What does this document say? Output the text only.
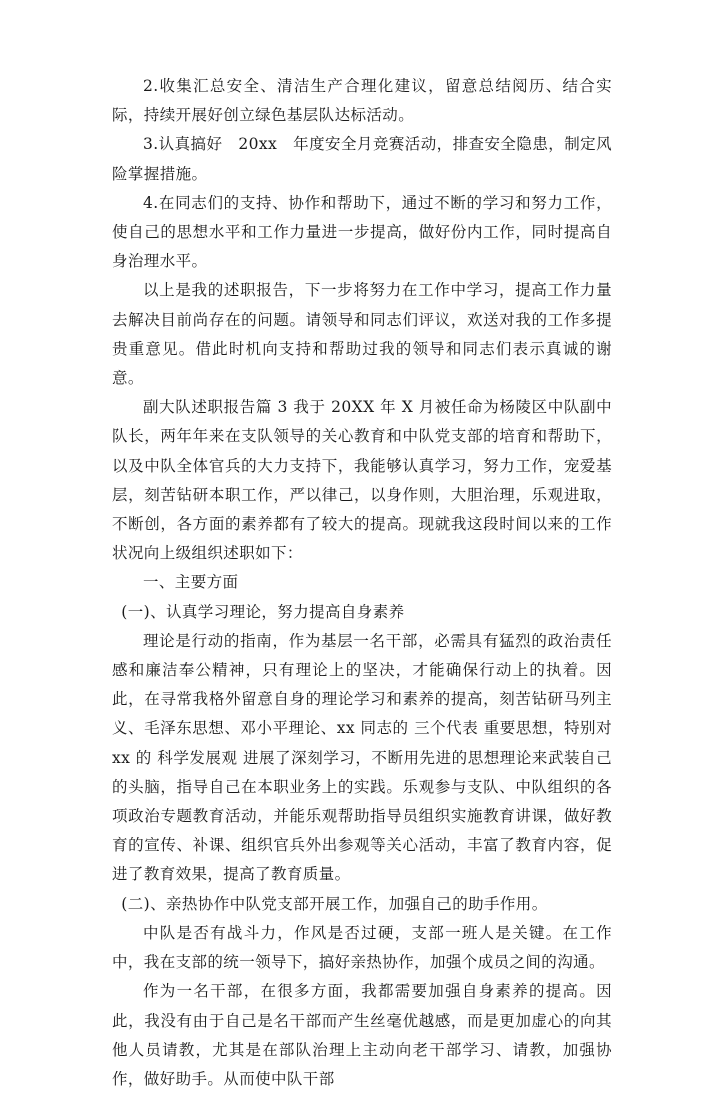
2.收集汇总安全、清洁生产合理化建议，留意总结阅历、结合实际，持续开展好创立绿色基层队达标活动。

3.认真搞好　20xx　年度安全月竞赛活动，排查安全隐患，制定风险掌握措施。

4.在同志们的支持、协作和帮助下，通过不断的学习和努力工作，使自己的思想水平和工作力量进一步提高，做好份内工作，同时提高自身治理水平。

以上是我的述职报告，下一步将努力在工作中学习，提高工作力量去解决目前尚存在的问题。请领导和同志们评议，欢送对我的工作多提贵重意见。借此时机向支持和帮助过我的领导和同志们表示真诚的谢意。

副大队述职报告篇 3 我于 20XX 年 X 月被任命为杨陵区中队副中队长，两年年来在支队领导的关心教育和中队党支部的培育和帮助下，以及中队全体官兵的大力支持下，我能够认真学习，努力工作，宠爱基层，刻苦钻研本职工作，严以律己，以身作则，大胆治理，乐观进取，不断创，各方面的素养都有了较大的提高。现就我这段时间以来的工作状况向上级组织述职如下：

一、主要方面

(一)、认真学习理论，努力提高自身素养

理论是行动的指南，作为基层一名干部，必需具有猛烈的政治责任感和廉洁奉公精神，只有理论上的坚决，才能确保行动上的执着。因此，在寻常我格外留意自身的理论学习和素养的提高，刻苦钻研马列主义、毛泽东思想、邓小平理论、xx 同志的 三个代表 重要思想，特别对 xx 的 科学发展观 进展了深刻学习，不断用先进的思想理论来武装自己的头脑，指导自己在本职业务上的实践。乐观参与支队、中队组织的各项政治专题教育活动，并能乐观帮助指导员组织实施教育讲课，做好教育的宣传、补课、组织官兵外出参观等关心活动，丰富了教育内容，促进了教育效果，提高了教育质量。

(二)、亲热协作中队党支部开展工作，加强自己的助手作用。

中队是否有战斗力，作风是否过硬，支部一班人是关键。在工作中，我在支部的统一领导下，搞好亲热协作，加强个成员之间的沟通。

作为一名干部，在很多方面，我都需要加强自身素养的提高。因此，我没有由于自己是名干部而产生丝毫优越感，而是更加虚心的向其他人员请教，尤其是在部队治理上主动向老干部学习、请教，加强协作，做好助手。从而使中队干部
